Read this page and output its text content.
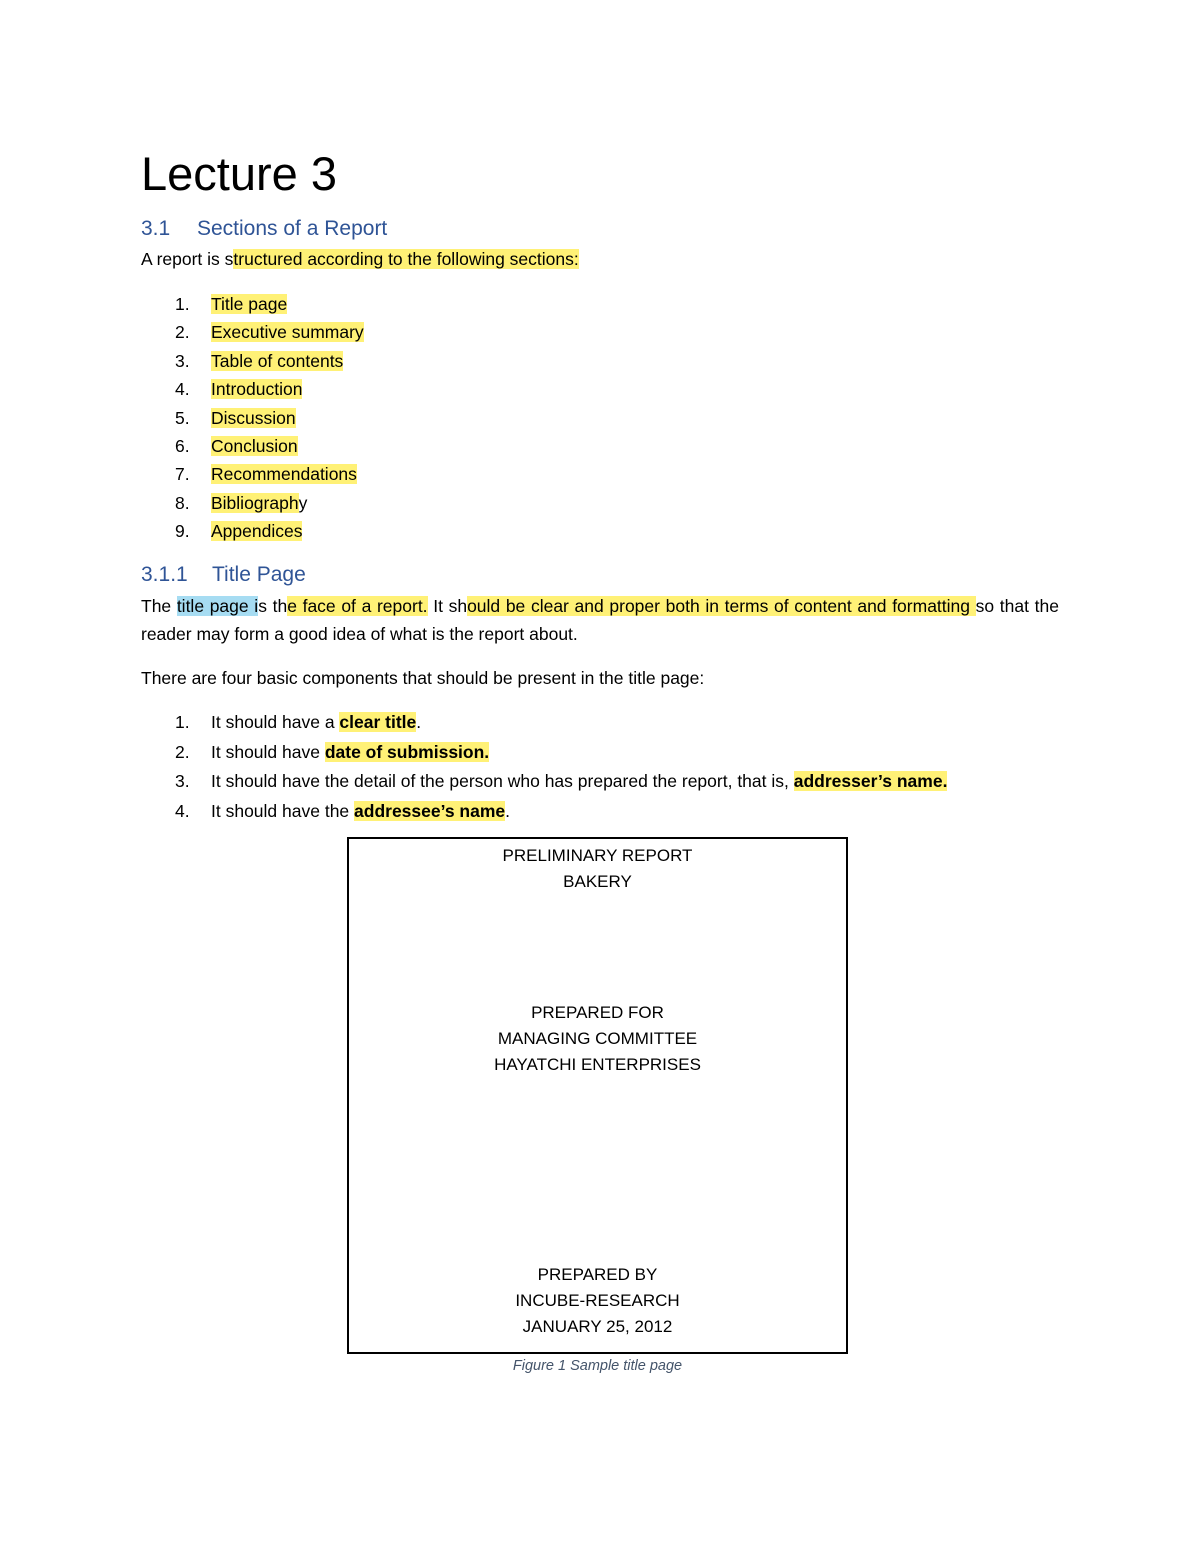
Lecture 3
3.1 Sections of a Report

A report is structured according to the following sections:

1.	Title page
2.	Executive summary
3.	Table of contents
4.	Introduction
5.	Discussion
6.	Conclusion
7.	Recommendations
8.	Bibliography
9.	Appendices
3.1.1 Title Page

The title page is the face of a report. It should be clear and proper both in terms of content and formatting so that the reader may form a good idea of what is the report about.

There are four basic components that should be present in the title page:

1.	It should have a clear title.
2.	It should have date of submission.
3.	It should have the detail of the person who has prepared the report, that is, addresser’s name.
4.	It should have the addressee’s name.
PRELIMINARY REPORT
BAKERY
PREPARED FOR
MANAGING COMMITTEE
HAYATCHI ENTERPRISES
PREPARED BY
INCUBE-RESEARCH
JANUARY 25, 2012
Figure 1 Sample title page
